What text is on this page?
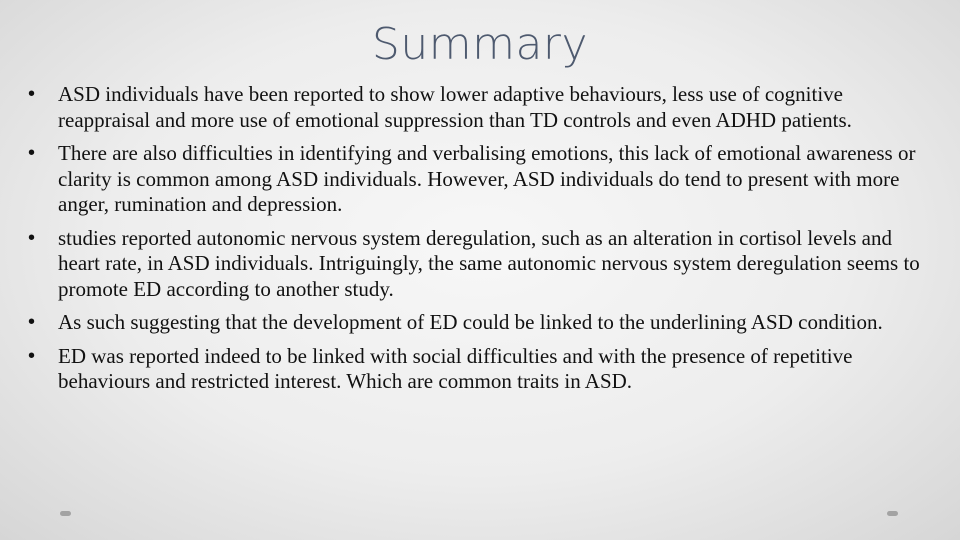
Summary
•	ASD individuals have been reported to show lower adaptive behaviours, less use of cognitive reappraisal and more use of emotional suppression than TD controls and even ADHD patients.
•	There are also difficulties in identifying and verbalising emotions, this lack of emotional awareness or clarity is common among ASD individuals. However, ASD individuals do tend to present with more anger, rumination and depression.
•	studies reported autonomic nervous system deregulation, such as an alteration in cortisol levels and heart rate, in ASD individuals. Intriguingly, the same autonomic nervous system deregulation seems to promote ED according to another study.
•	As such suggesting that the development of ED could be linked to the underlining ASD condition.
•	ED was reported indeed to be linked with social difficulties and with the presence of repetitive behaviours and restricted interest. Which are common traits in ASD.
